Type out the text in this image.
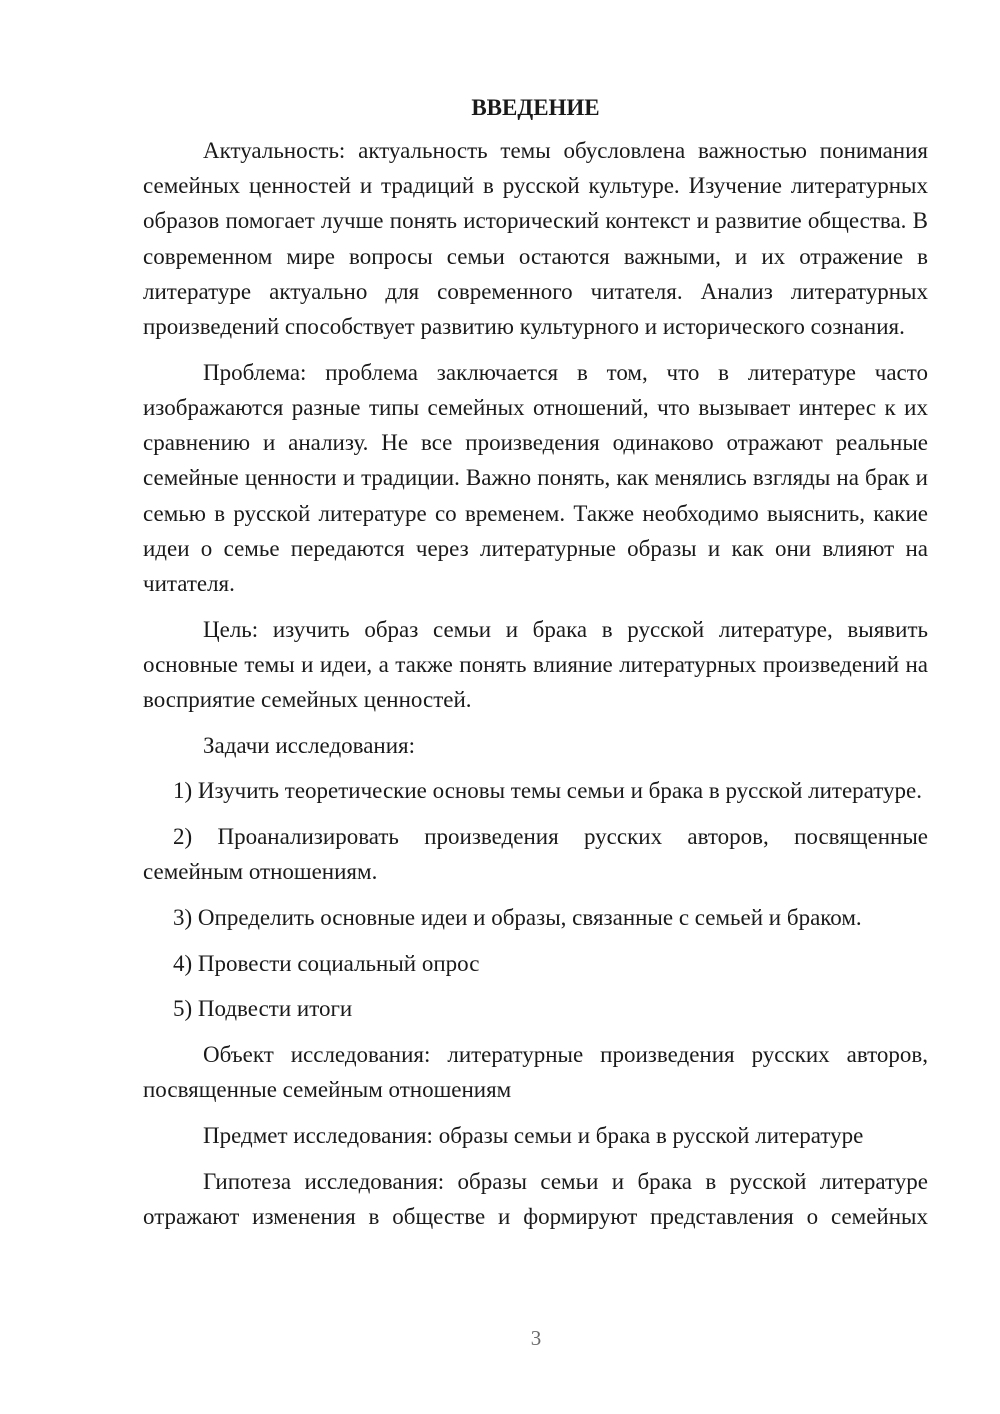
ВВЕДЕНИЕ

Актуальность: актуальность темы обусловлена важностью понимания семейных ценностей и традиций в русской культуре. Изучение литературных образов помогает лучше понять исторический контекст и развитие общества. В современном мире вопросы семьи остаются важными, и их отражение в литературе актуально для современного читателя. Анализ литературных произведений способствует развитию культурного и исторического сознания.

Проблема: проблема заключается в том, что в литературе часто изображаются разные типы семейных отношений, что вызывает интерес к их сравнению и анализу. Не все произведения одинаково отражают реальные семейные ценности и традиции. Важно понять, как менялись взгляды на брак и семью в русской литературе со временем. Также необходимо выяснить, какие идеи о семье передаются через литературные образы и как они влияют на читателя.

Цель: изучить образ семьи и брака в русской литературе, выявить основные темы и идеи, а также понять влияние литературных произведений на восприятие семейных ценностей.

Задачи исследования:

1) Изучить теоретические основы темы семьи и брака в русской литературе.

2) Проанализировать произведения русских авторов, посвященные семейным отношениям.

3) Определить основные идеи и образы, связанные с семьей и браком.

4) Провести социальный опрос

5) Подвести итоги

Объект исследования: литературные произведения русских авторов, посвященные семейным отношениям

Предмет исследования: образы семьи и брака в русской литературе

Гипотеза исследования: образы семьи и брака в русской литературе отражают изменения в обществе и формируют представления о семейных

3
